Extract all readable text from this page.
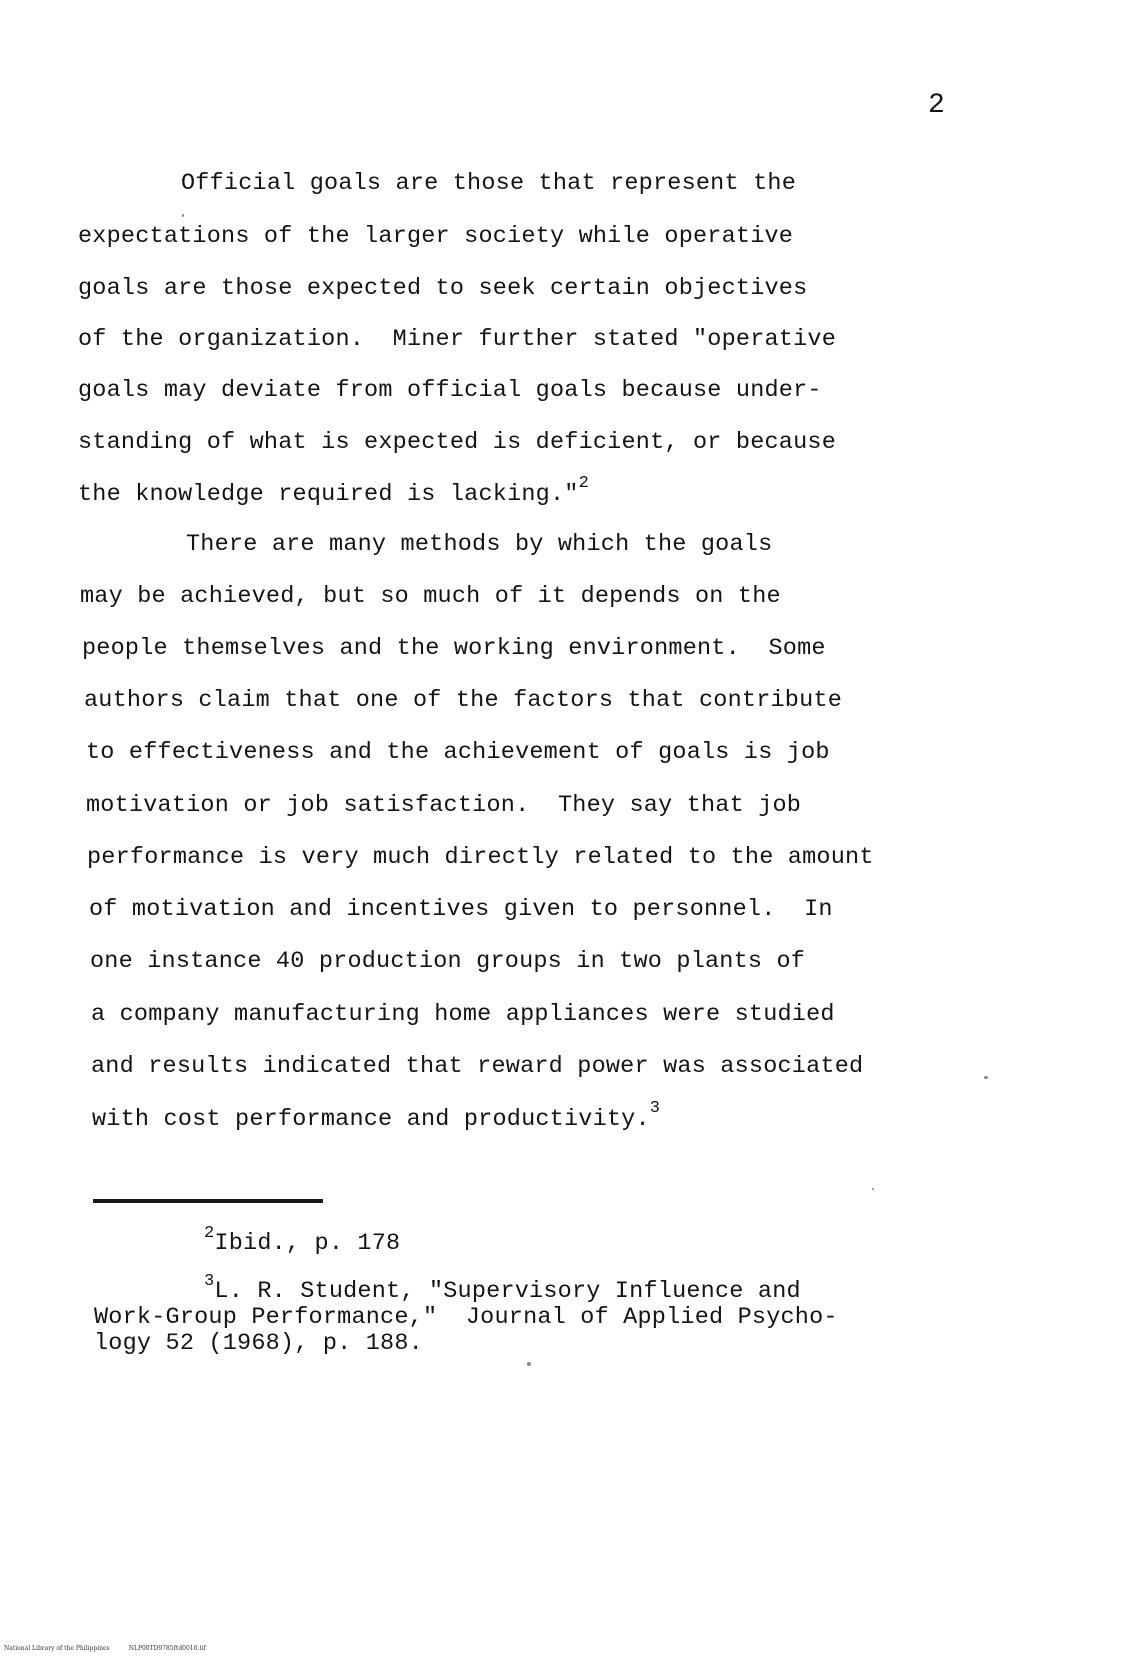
2
Official goals are those that represent the
expectations of the larger society while operative
goals are those expected to seek certain objectives
of the organization.  Miner further stated "operative
goals may deviate from official goals because under-
standing of what is expected is deficient, or because
the knowledge required is lacking."$^2$
There are many methods by which the goals
may be achieved, but so much of it depends on the
people themselves and the working environment.  Some
authors claim that one of the factors that contribute
to effectiveness and the achievement of goals is job
motivation or job satisfaction.  They say that job
performance is very much directly related to the amount
of motivation and incentives given to personnel.  In
one instance 40 production groups in two plants of
a company manufacturing home appliances were studied
and results indicated that reward power was associated
with cost performance and productivity.$^3$
$^2$Ibid., p. 178
$^3$L. R. Student, "Supervisory Influence and
Work-Group Performance,"  Journal of Applied Psycho-
logy 52 (1968), p. 188.
National Library of the Philippines	NLP00TD9785ftd0010.tif
